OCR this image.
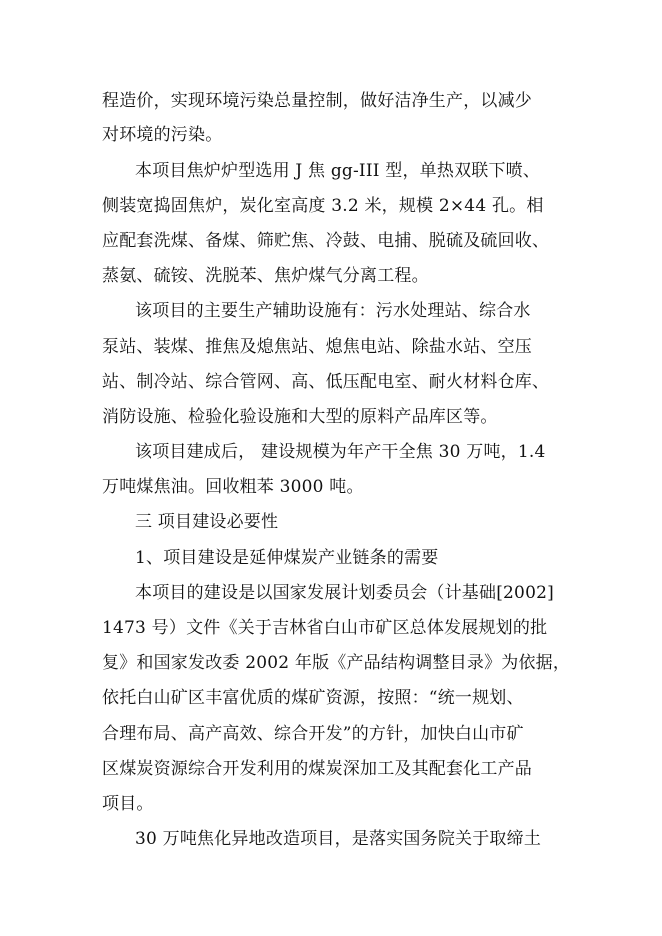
程造价，实现环境污染总量控制，做好洁净生产，以减少
对环境的污染。
本项目焦炉炉型选用 J 焦 gg-III 型，单热双联下喷、
侧装宽捣固焦炉，炭化室高度 3.2 米，规模 2×44 孔。相
应配套洗煤、备煤、筛贮焦、冷鼓、电捕、脱硫及硫回收、
蒸氨、硫铵、洗脱苯、焦炉煤气分离工程。
该项目的主要生产辅助设施有：污水处理站、综合水
泵站、装煤、推焦及熄焦站、熄焦电站、除盐水站、空压
站、制冷站、综合管网、高、低压配电室、耐火材料仓库、
消防设施、检验化验设施和大型的原料产品库区等。
该项目建成后， 建设规模为年产干全焦 30 万吨，1.4
万吨煤焦油。回收粗苯 3000 吨。
三 项目建设必要性
1、项目建设是延伸煤炭产业链条的需要
本项目的建设是以国家发展计划委员会（计基础[2002]
1473 号）文件《关于吉林省白山市矿区总体发展规划的批
复》和国家发改委 2002 年版《产品结构调整目录》为依据，
依托白山矿区丰富优质的煤矿资源，按照：“统一规划、
合理布局、高产高效、综合开发”的方针，加快白山市矿
区煤炭资源综合开发利用的煤炭深加工及其配套化工产品
项目。
30 万吨焦化异地改造项目，是落实国务院关于取缔土
